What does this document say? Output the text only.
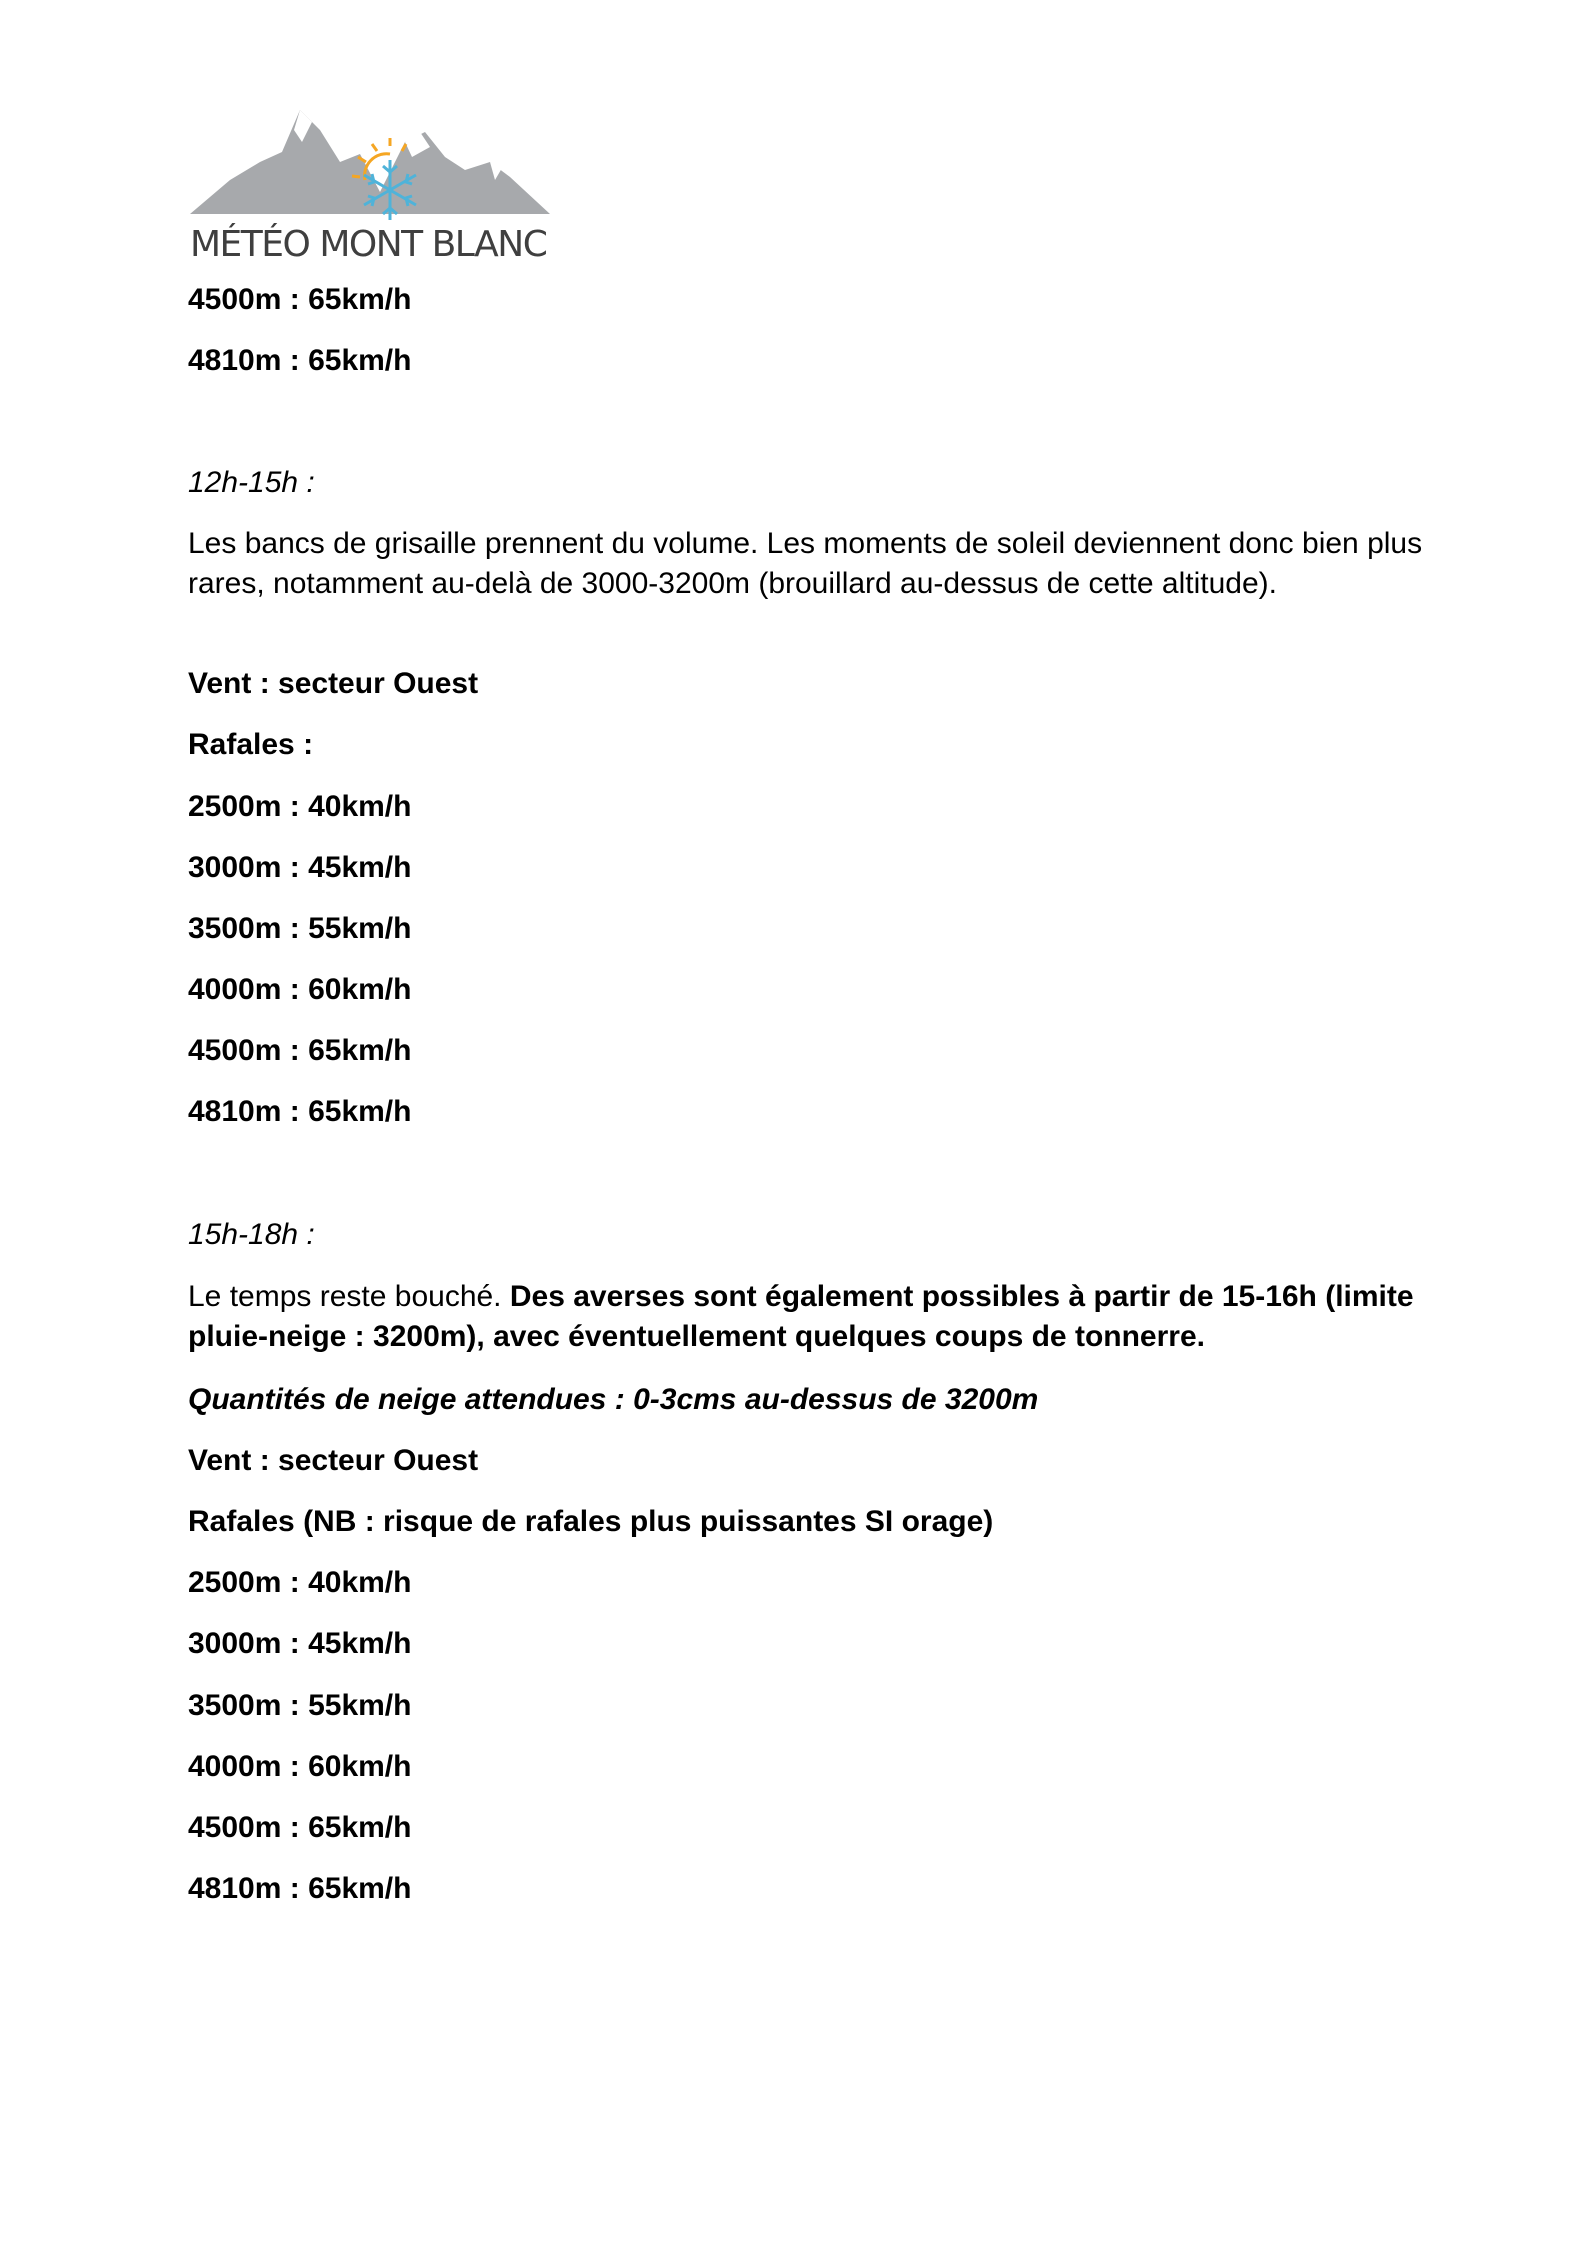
MÉTÉO MONT BLANC
4500m : 65km/h
4810m : 65km/h
12h-15h :
Les bancs de grisaille prennent du volume. Les moments de soleil deviennent donc bien plus rares, notamment au-delà de 3000-3200m (brouillard au-dessus de cette altitude).
Vent : secteur Ouest
Rafales :
2500m : 40km/h
3000m : 45km/h
3500m : 55km/h
4000m : 60km/h
4500m : 65km/h
4810m : 65km/h
15h-18h :
Le temps reste bouché. Des averses sont également possibles à partir de 15-16h (limite pluie-neige : 3200m), avec éventuellement quelques coups de tonnerre.
Quantités de neige attendues : 0-3cms au-dessus de 3200m
Vent : secteur Ouest
Rafales (NB : risque de rafales plus puissantes SI orage)
2500m : 40km/h
3000m : 45km/h
3500m : 55km/h
4000m : 60km/h
4500m : 65km/h
4810m : 65km/h
